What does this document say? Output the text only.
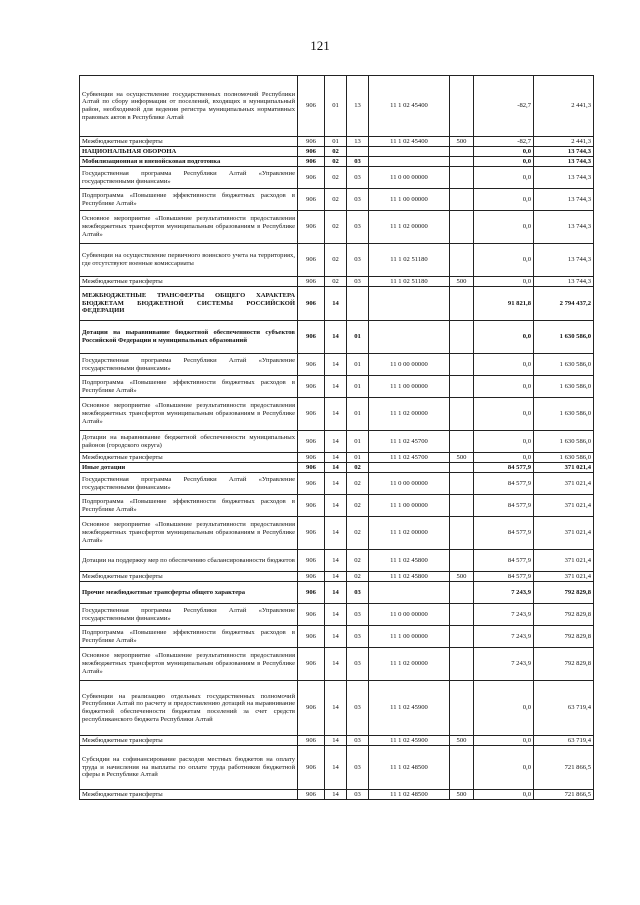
121
Субвенции на осуществление государственных полномочий Республики Алтай по сбору информации от поселений, входящих в муниципальный район, необходимой для ведения регистра муниципальных нормативных правовых актов в Республике Алтай	906	01	13	11 1 02 45400		-82,7	2 441,3
Межбюджетные трансферты	906	01	13	11 1 02 45400	500	-82,7	2 441,3
НАЦИОНАЛЬНАЯ ОБОРОНА	906	02				0,0	13 744,3
Мобилизационная и вневойсковая подготовка	906	02	03			0,0	13 744,3
Государственная программа Республики Алтай «Управление государственными финансами»	906	02	03	11 0 00 00000		0,0	13 744,3
Подпрограмма «Повышение эффективности бюджетных расходов в Республике Алтай»	906	02	03	11 1 00 00000		0,0	13 744,3
Основное мероприятие «Повышение результативности предоставления межбюджетных трансфертов муниципальным образованиям в Республике Алтай»	906	02	03	11 1 02 00000		0,0	13 744,3
Субвенции на осуществление первичного воинского учета на территориях, где отсутствуют военные комиссариаты	906	02	03	11 1 02 51180		0,0	13 744,3
Межбюджетные трансферты	906	02	03	11 1 02 51180	500	0,0	13 744,3
МЕЖБЮДЖЕТНЫЕ ТРАНСФЕРТЫ ОБЩЕГО ХАРАКТЕРА БЮДЖЕТАМ БЮДЖЕТНОЙ СИСТЕМЫ РОССИЙСКОЙ ФЕДЕРАЦИИ	906	14				91 821,8	2 794 437,2
Дотации на выравнивание бюджетной обеспеченности субъектов Российской Федерации и муниципальных образований	906	14	01			0,0	1 630 586,0
Государственная программа Республики Алтай «Управление государственными финансами»	906	14	01	11 0 00 00000		0,0	1 630 586,0
Подпрограмма «Повышение эффективности бюджетных расходов в Республике Алтай»	906	14	01	11 1 00 00000		0,0	1 630 586,0
Основное мероприятие «Повышение результативности предоставления межбюджетных трансфертов муниципальным образованиям в Республике Алтай»	906	14	01	11 1 02 00000		0,0	1 630 586,0
Дотации на выравнивание бюджетной обеспеченности муниципальных районов (городского округа)	906	14	01	11 1 02 45700		0,0	1 630 586,0
Межбюджетные трансферты	906	14	01	11 1 02 45700	500	0,0	1 630 586,0
Иные дотации	906	14	02			84 577,9	371 021,4
Государственная программа Республики Алтай «Управление государственными финансами»	906	14	02	11 0 00 00000		84 577,9	371 021,4
Подпрограмма «Повышение эффективности бюджетных расходов в Республике Алтай»	906	14	02	11 1 00 00000		84 577,9	371 021,4
Основное мероприятие «Повышение результативности предоставления межбюджетных трансфертов муниципальным образованиям в Республике Алтай»	906	14	02	11 1 02 00000		84 577,9	371 021,4
Дотации на поддержку мер по обеспечению сбалансированности бюджетов	906	14	02	11 1 02 45800		84 577,9	371 021,4
Межбюджетные трансферты	906	14	02	11 1 02 45800	500	84 577,9	371 021,4
Прочие межбюджетные трансферты общего характера	906	14	03			7 243,9	792 829,8
Государственная программа Республики Алтай «Управление государственными финансами»	906	14	03	11 0 00 00000		7 243,9	792 829,8
Подпрограмма «Повышение эффективности бюджетных расходов в Республике Алтай»	906	14	03	11 1 00 00000		7 243,9	792 829,8
Основное мероприятие «Повышение результативности предоставления межбюджетных трансфертов муниципальным образованиям в Республике Алтай»	906	14	03	11 1 02 00000		7 243,9	792 829,8
Субвенции на реализацию отдельных государственных полномочий Республики Алтай по расчету и предоставлению дотаций на выравнивание бюджетной обеспеченности бюджетам поселений за счет средств республиканского бюджета Республики Алтай	906	14	03	11 1 02 45900		0,0	63 719,4
Межбюджетные трансферты	906	14	03	11 1 02 45900	500	0,0	63 719,4
Субсидии на софинансирование расходов местных бюджетов на оплату труда и начисления на выплаты по оплате труда работников бюджетной сферы в Республике Алтай	906	14	03	11 1 02 48500		0,0	721 866,5
Межбюджетные трансферты	906	14	03	11 1 02 48500	500	0,0	721 866,5
